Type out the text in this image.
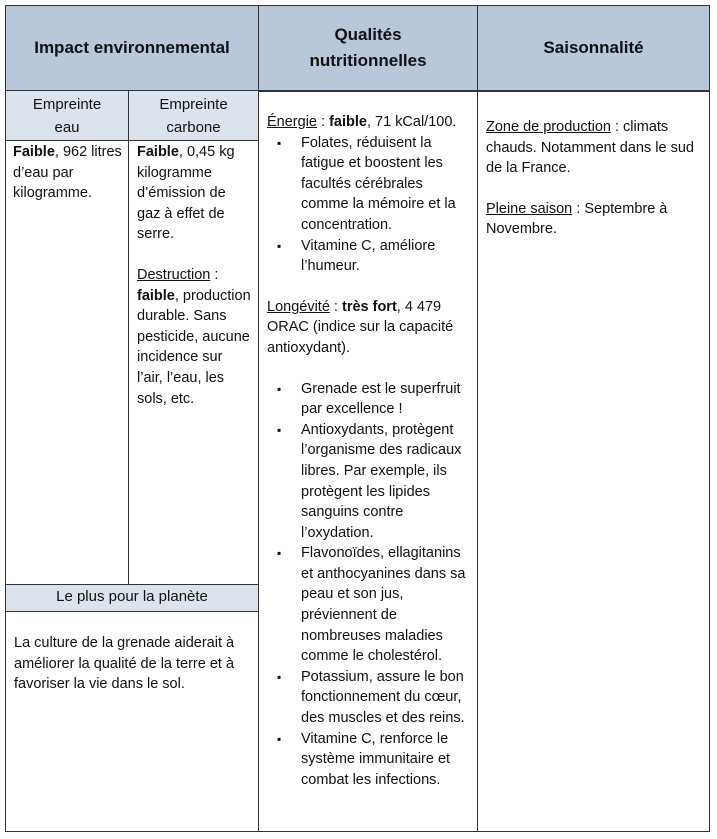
Impact environnemental
Qualités nutritionnelles
Saisonnalité
Empreinte eau
Empreinte carbone
Faible, 962 litres d’eau par kilogramme.
Faible, 0,45 kg kilogramme d’émission de gaz à effet de serre.
Destruction : faible, production durable. Sans pesticide, aucune incidence sur l’air, l’eau, les sols, etc.
Le plus pour la planète
La culture de la grenade aiderait à améliorer la qualité de la terre et à favoriser la vie dans le sol.
Énergie : faible, 71 kCal/100.
▪ Folates, réduisent la fatigue et boostent les facultés cérébrales comme la mémoire et la concentration.
▪ Vitamine C, améliore l’humeur.
Longévité : très fort, 4 479 ORAC (indice sur la capacité antioxydant).
▪ Grenade est le superfruit par excellence !
▪ Antioxydants, protègent l’organisme des radicaux libres. Par exemple, ils protègent les lipides sanguins contre l’oxydation.
▪ Flavonoïdes, ellagitanins et anthocyanines dans sa peau et son jus, préviennent de nombreuses maladies comme le cholestérol.
▪ Potassium, assure le bon fonctionnement du cœur, des muscles et des reins.
▪ Vitamine C, renforce le système immunitaire et combat les infections.
Zone de production : climats chauds. Notamment dans le sud de la France.
Pleine saison : Septembre à Novembre.
